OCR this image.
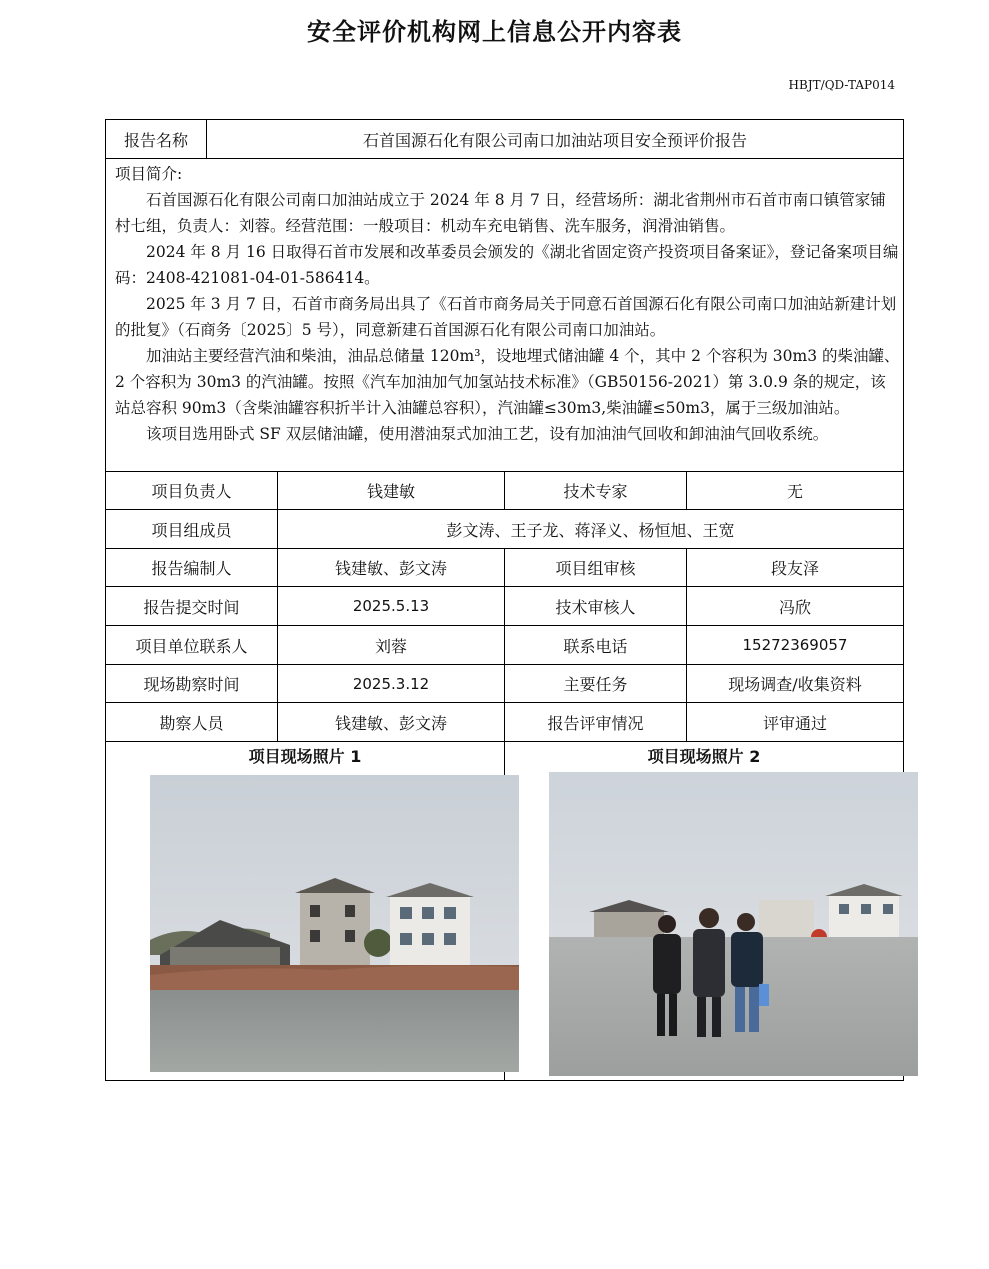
安全评价机构网上信息公开内容表
HBJT/QD-TAP014
报告名称	石首国源石化有限公司南口加油站项目安全预评价报告

项目简介:

石首国源石化有限公司南口加油站成立于 2024 年 8 月 7 日，经营场所：湖北省荆州市石首市南口镇管家铺村七组，负责人：刘蓉。经营范围：一般项目：机动车充电销售、洗车服务，润滑油销售。

2024 年 8 月 16 日取得石首市发展和改革委员会颁发的《湖北省固定资产投资项目备案证》，登记备案项目编码：2408-421081-04-01-586414。

2025 年 3 月 7 日，石首市商务局出具了《石首市商务局关于同意石首国源石化有限公司南口加油站新建计划的批复》（石商务〔2025〕5 号），同意新建石首国源石化有限公司南口加油站。

加油站主要经营汽油和柴油，油品总储量 120m³，设地埋式储油罐 4 个，其中 2 个容积为 30m3 的柴油罐、2 个容积为 30m3 的汽油罐。按照《汽车加油加气加氢站技术标准》（GB50156-2021）第 3.0.9 条的规定，该站总容积 90m3（含柴油罐容积折半计入油罐总容积），汽油罐≤30m3,柴油罐≤50m3，属于三级加油站。

该项目选用卧式 SF 双层储油罐，使用潜油泵式加油工艺，设有加油油气回收和卸油油气回收系统。

项目负责人	钱建敏	技术专家	无
项目组成员	彭文涛、王子龙、蒋泽义、杨恒旭、王宽
报告编制人	钱建敏、彭文涛	项目组审核	段友泽
报告提交时间	2025.5.13	技术审核人	冯欣
项目单位联系人	刘蓉	联系电话	15272369057
现场勘察时间	2025.3.12	主要任务	现场调查/收集资料
勘察人员	钱建敏、彭文涛	报告评审情况	评审通过
项目现场照片 1	项目现场照片 2
